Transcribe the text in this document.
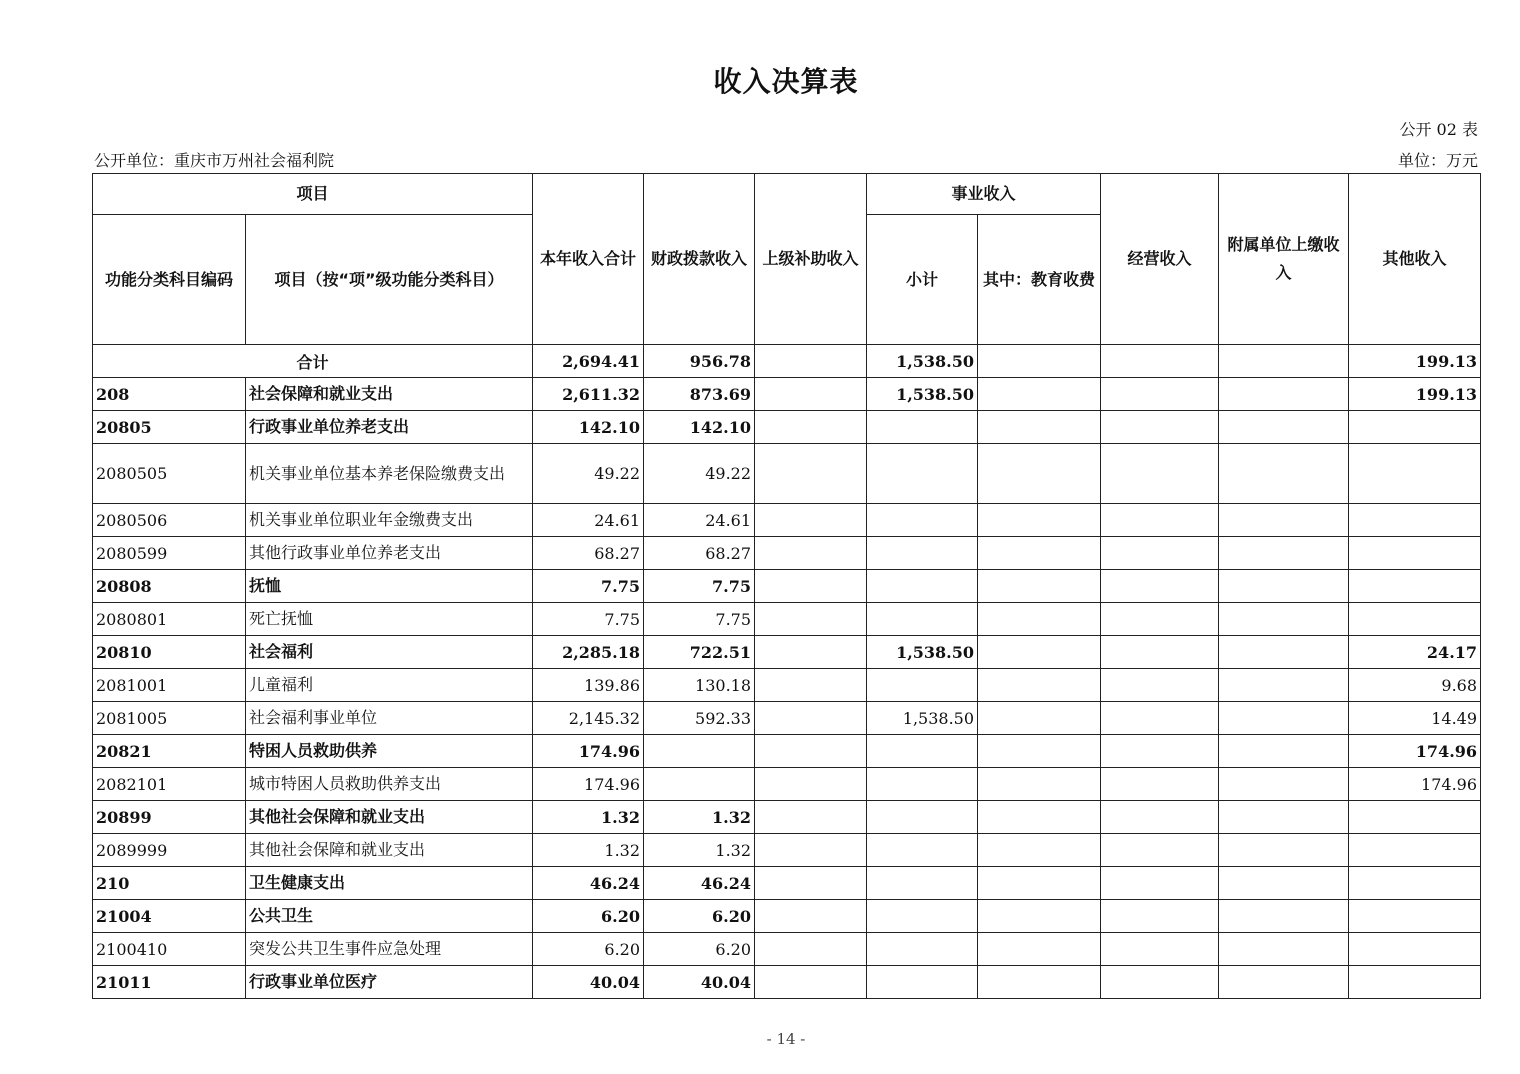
收入决算表
公开 02 表
公开单位：重庆市万州社会福利院	单位：万元
项目		本年收入合计	财政拨款收入	上级补助收入	事业收入		经营收入	附属单位上缴收入	其他收入
功能分类科目编码	项目（按“项”级功能分类科目）				小计	其中：教育收费			
合计		2,694.41	956.78		1,538.50				199.13
208	社会保障和就业支出	2,611.32	873.69		1,538.50				199.13
20805	行政事业单位养老支出	142.10	142.10						
2080505	机关事业单位基本养老保险缴费支出	49.22	49.22						
2080506	机关事业单位职业年金缴费支出	24.61	24.61						
2080599	其他行政事业单位养老支出	68.27	68.27						
20808	抚恤	7.75	7.75						
2080801	死亡抚恤	7.75	7.75						
20810	社会福利	2,285.18	722.51		1,538.50				24.17
2081001	儿童福利	139.86	130.18						9.68
2081005	社会福利事业单位	2,145.32	592.33		1,538.50				14.49
20821	特困人员救助供养	174.96							174.96
2082101	城市特困人员救助供养支出	174.96							174.96
20899	其他社会保障和就业支出	1.32	1.32						
2089999	其他社会保障和就业支出	1.32	1.32						
210	卫生健康支出	46.24	46.24						
21004	公共卫生	6.20	6.20						
2100410	突发公共卫生事件应急处理	6.20	6.20						
21011	行政事业单位医疗	40.04	40.04						
- 14 -
